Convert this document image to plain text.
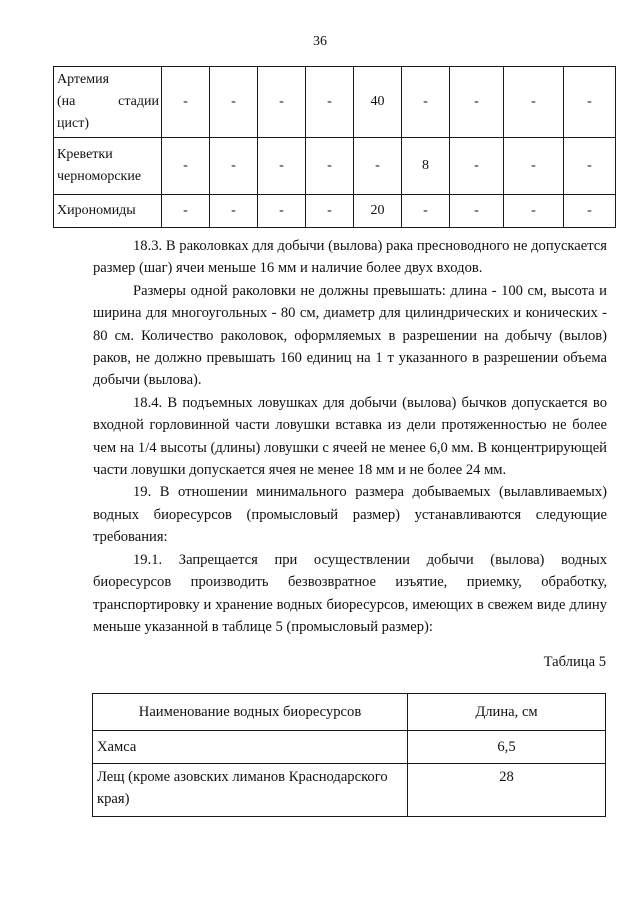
36
Артемия
(на стадии
цист)	-	-	-	-	40	-	-	-	-

Креветки
черноморские	-	-	-	-	-	8	-	-	-

Хирономиды	-	-	-	-	20	-	-	-	-

18.3. В раколовках для добычи (вылова) рака пресноводного не допускается размер (шаг) ячеи меньше 16 мм и наличие более двух входов.

Размеры одной раколовки не должны превышать: длина - 100 см, высота и ширина для многоугольных - 80 см, диаметр для цилиндрических и конических - 80 см. Количество раколовок, оформляемых в разрешении на добычу (вылов) раков, не должно превышать 160 единиц на 1 т указанного в разрешении объема добычи (вылова).

18.4. В подъемных ловушках для добычи (вылова) бычков допускается во входной горловинной части ловушки вставка из дели протяженностью не более чем на 1/4 высоты (длины) ловушки с ячеей не менее 6,0 мм. В концентрирующей части ловушки допускается ячея не менее 18 мм и не более 24 мм.

19. В отношении минимального размера добываемых (вылавливаемых) водных биоресурсов (промысловый размер) устанавливаются следующие требования:

19.1. Запрещается при осуществлении добычи (вылова) водных биоресурсов производить безвозвратное изъятие, приемку, обработку, транспортировку и хранение водных биоресурсов, имеющих в свежем виде длину меньше указанной в таблице 5 (промысловый размер):

Таблица 5
Наименование водных биоресурсов	Длина, см
Хамса	6,5
Лещ (кроме азовских лиманов Краснодарского края)	28
